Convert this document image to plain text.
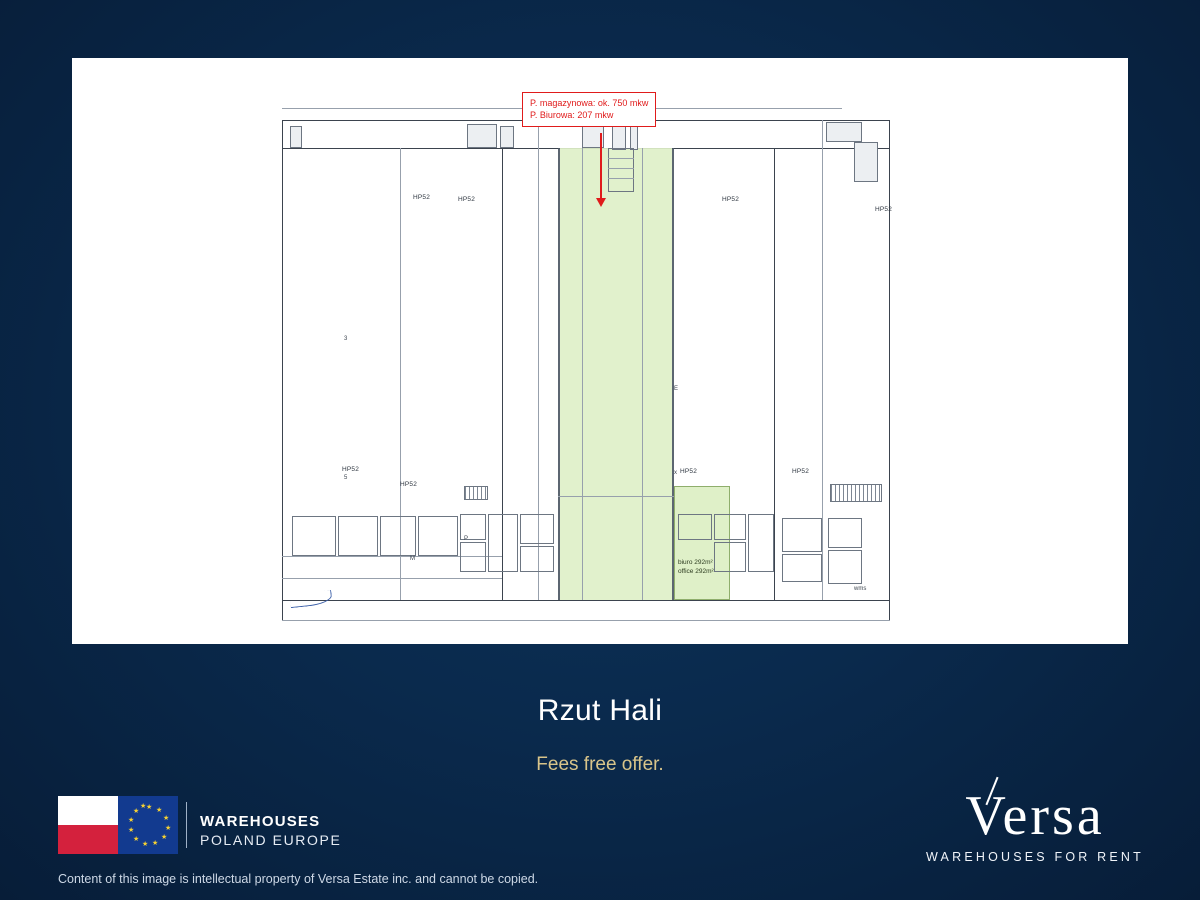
P. magazynowa: ok. 750 mkw
P. Biurowa: 207 mkw
HP52	HP52	HP52
HP52
HP52
HP52
HP52	HP52
3
5
E
x
M
P
wms
biuro 292m²
office 292m²
Rzut Hali
Fees free offer.
★ ★
★
★
★
★
★
★
★
★
★
★
WAREHOUSES
POLAND EUROPE
Content of this image is intellectual property of Versa Estate inc. and cannot be copied.
Versa
WAREHOUSES FOR RENT
